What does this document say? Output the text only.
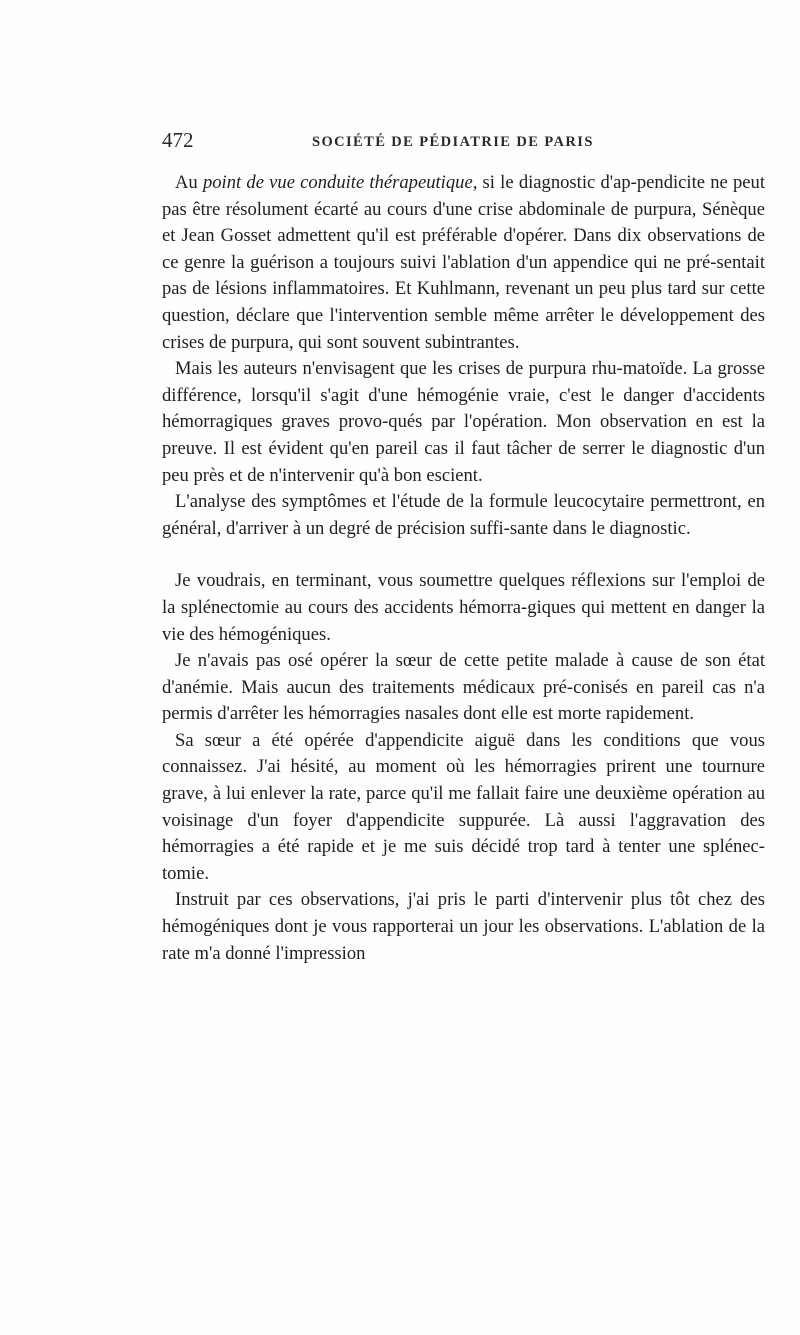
472	SOCIÉTÉ DE PÉDIATRIE DE PARIS

Au point de vue conduite thérapeutique, si le diagnostic d'ap-pendicite ne peut pas être résolument écarté au cours d'une crise abdominale de purpura, Sénèque et Jean Gosset admettent qu'il est préférable d'opérer. Dans dix observations de ce genre la guérison a toujours suivi l'ablation d'un appendice qui ne pré-sentait pas de lésions inflammatoires. Et Kuhlmann, revenant un peu plus tard sur cette question, déclare que l'intervention semble même arrêter le développement des crises de purpura, qui sont souvent subintrantes.

Mais les auteurs n'envisagent que les crises de purpura rhu-matoïde. La grosse différence, lorsqu'il s'agit d'une hémogénie vraie, c'est le danger d'accidents hémorragiques graves provo-qués par l'opération. Mon observation en est la preuve. Il est évident qu'en pareil cas il faut tâcher de serrer le diagnostic d'un peu près et de n'intervenir qu'à bon escient.

L'analyse des symptômes et l'étude de la formule leucocytaire permettront, en général, d'arriver à un degré de précision suffi-sante dans le diagnostic.

Je voudrais, en terminant, vous soumettre quelques réflexions sur l'emploi de la splénectomie au cours des accidents hémorra-giques qui mettent en danger la vie des hémogéniques.

Je n'avais pas osé opérer la sœur de cette petite malade à cause de son état d'anémie. Mais aucun des traitements médicaux pré-conisés en pareil cas n'a permis d'arrêter les hémorragies nasales dont elle est morte rapidement.

Sa sœur a été opérée d'appendicite aiguë dans les conditions que vous connaissez. J'ai hésité, au moment où les hémorragies prirent une tournure grave, à lui enlever la rate, parce qu'il me fallait faire une deuxième opération au voisinage d'un foyer d'appendicite suppurée. Là aussi l'aggravation des hémorragies a été rapide et je me suis décidé trop tard à tenter une splénec-tomie.

Instruit par ces observations, j'ai pris le parti d'intervenir plus tôt chez des hémogéniques dont je vous rapporterai un jour les observations. L'ablation de la rate m'a donné l'impression
